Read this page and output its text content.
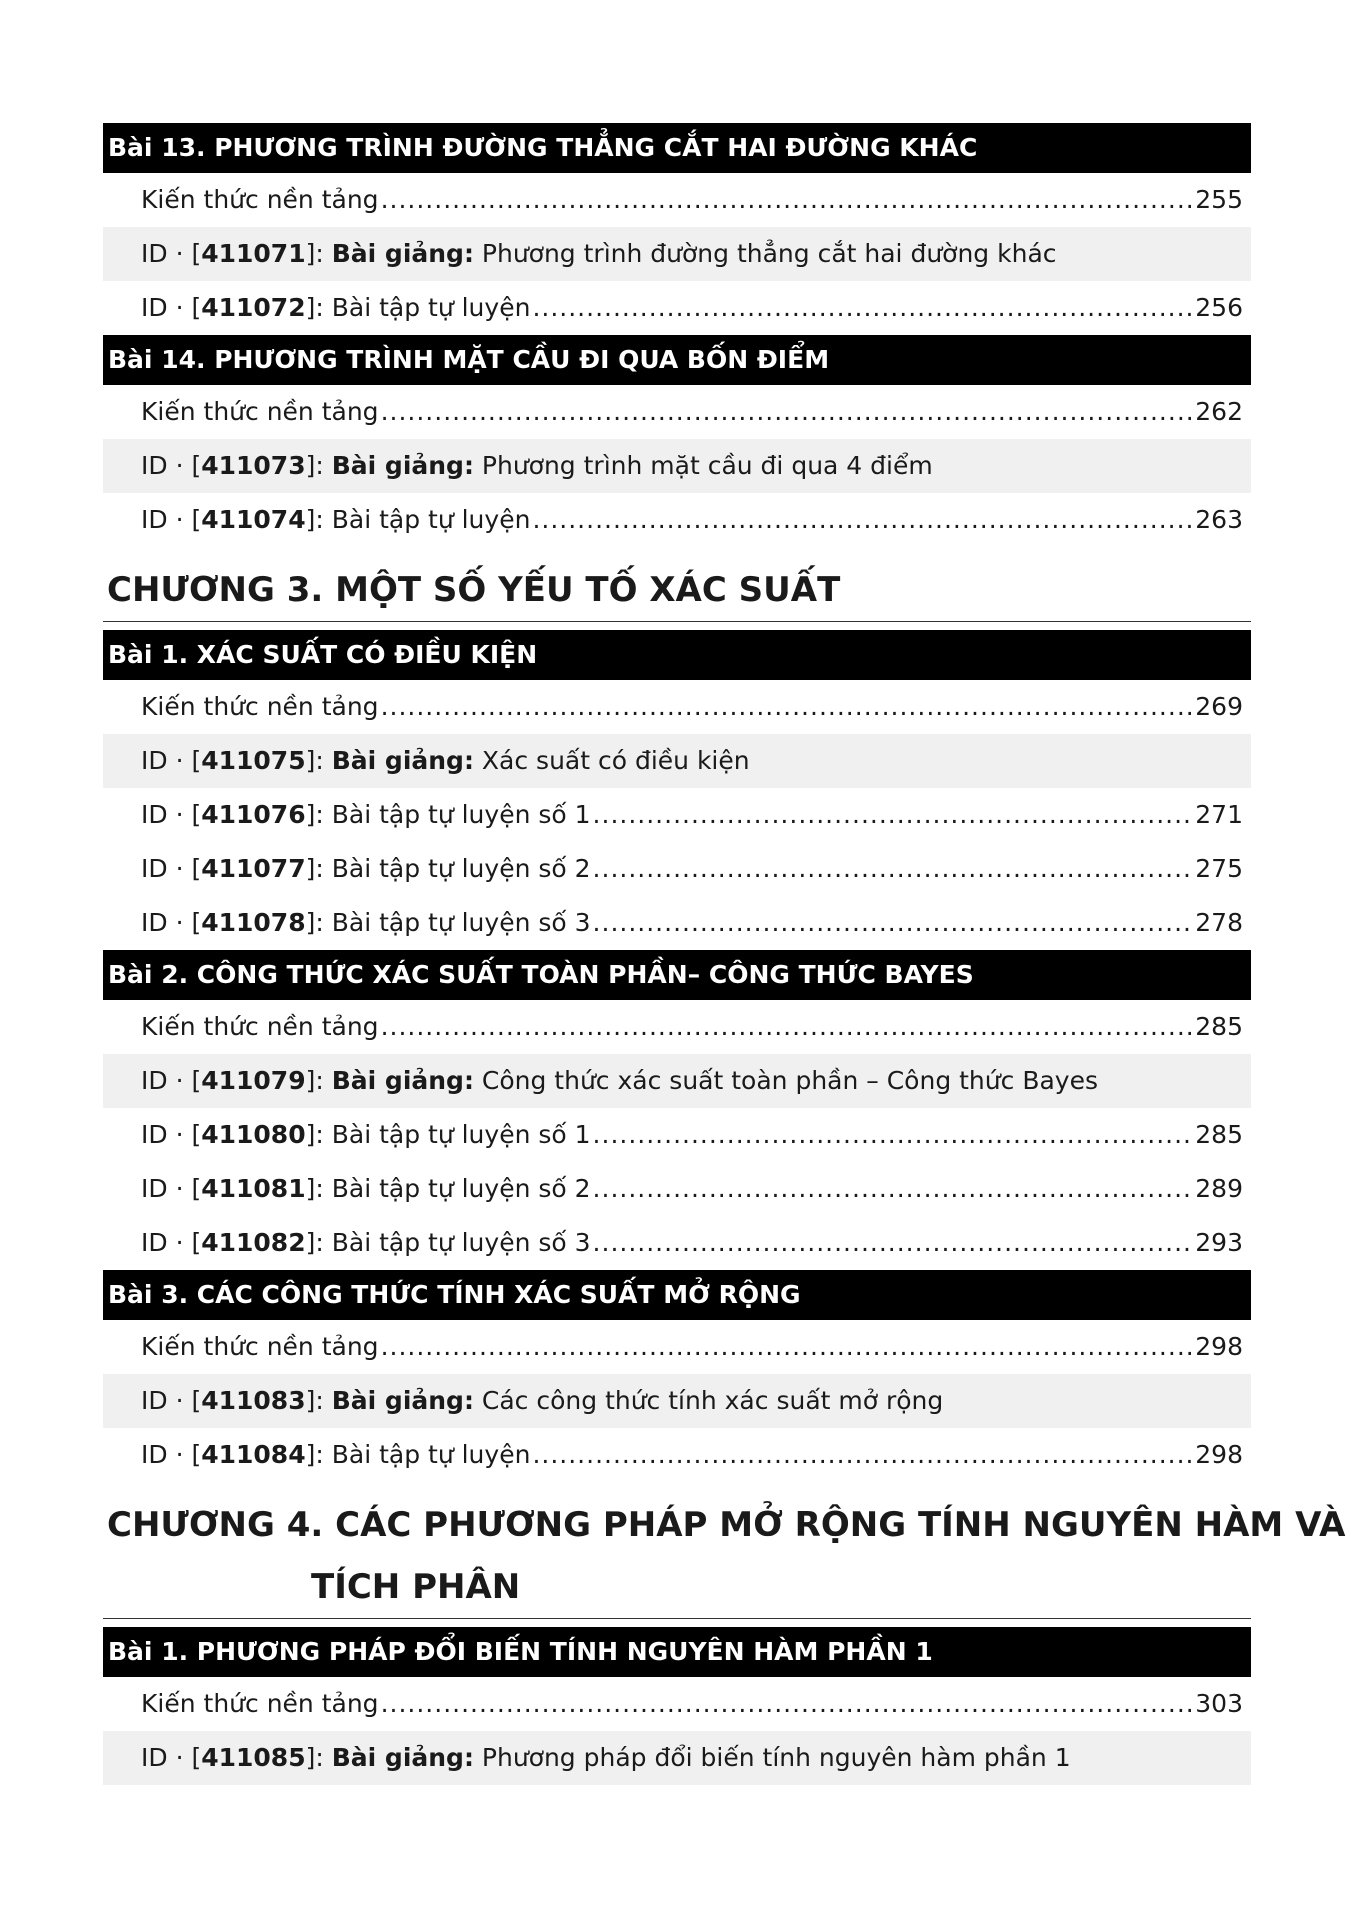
Bài 13. PHƯƠNG TRÌNH ĐƯỜNG THẲNG CẮT HAI ĐƯỜNG KHÁC
Kiến thức nền tảng .....	255
ID · [411071]: Bài giảng: Phương trình đường thẳng cắt hai đường khác
ID · [411072]: Bài tập tự luyện .....	256
Bài 14. PHƯƠNG TRÌNH MẶT CẦU ĐI QUA BỐN ĐIỂM
Kiến thức nền tảng .....	262
ID · [411073]: Bài giảng: Phương trình mặt cầu đi qua 4 điểm
ID · [411074]: Bài tập tự luyện .....	263
CHƯƠNG 3. MỘT SỐ YẾU TỐ XÁC SUẤT
Bài 1. XÁC SUẤT CÓ ĐIỀU KIỆN
Kiến thức nền tảng .....	269
ID · [411075]: Bài giảng: Xác suất có điều kiện
ID · [411076]: Bài tập tự luyện số 1 .....	271
ID · [411077]: Bài tập tự luyện số 2 .....	275
ID · [411078]: Bài tập tự luyện số 3 .....	278
Bài 2. CÔNG THỨC XÁC SUẤT TOÀN PHẦN– CÔNG THỨC BAYES
Kiến thức nền tảng .....	285
ID · [411079]: Bài giảng: Công thức xác suất toàn phần – Công thức Bayes
ID · [411080]: Bài tập tự luyện số 1 .....	285
ID · [411081]: Bài tập tự luyện số 2 .....	289
ID · [411082]: Bài tập tự luyện số 3 .....	293
Bài 3. CÁC CÔNG THỨC TÍNH XÁC SUẤT MỞ RỘNG
Kiến thức nền tảng .....	298
ID · [411083]: Bài giảng: Các công thức tính xác suất mở rộng
ID · [411084]: Bài tập tự luyện .....	298
CHƯƠNG 4. CÁC PHƯƠNG PHÁP MỞ RỘNG TÍNH NGUYÊN HÀM VÀ
TÍCH PHÂN
Bài 1. PHƯƠNG PHÁP ĐỔI BIẾN TÍNH NGUYÊN HÀM PHẦN 1
Kiến thức nền tảng .....	303
ID · [411085]: Bài giảng: Phương pháp đổi biến tính nguyên hàm phần 1
